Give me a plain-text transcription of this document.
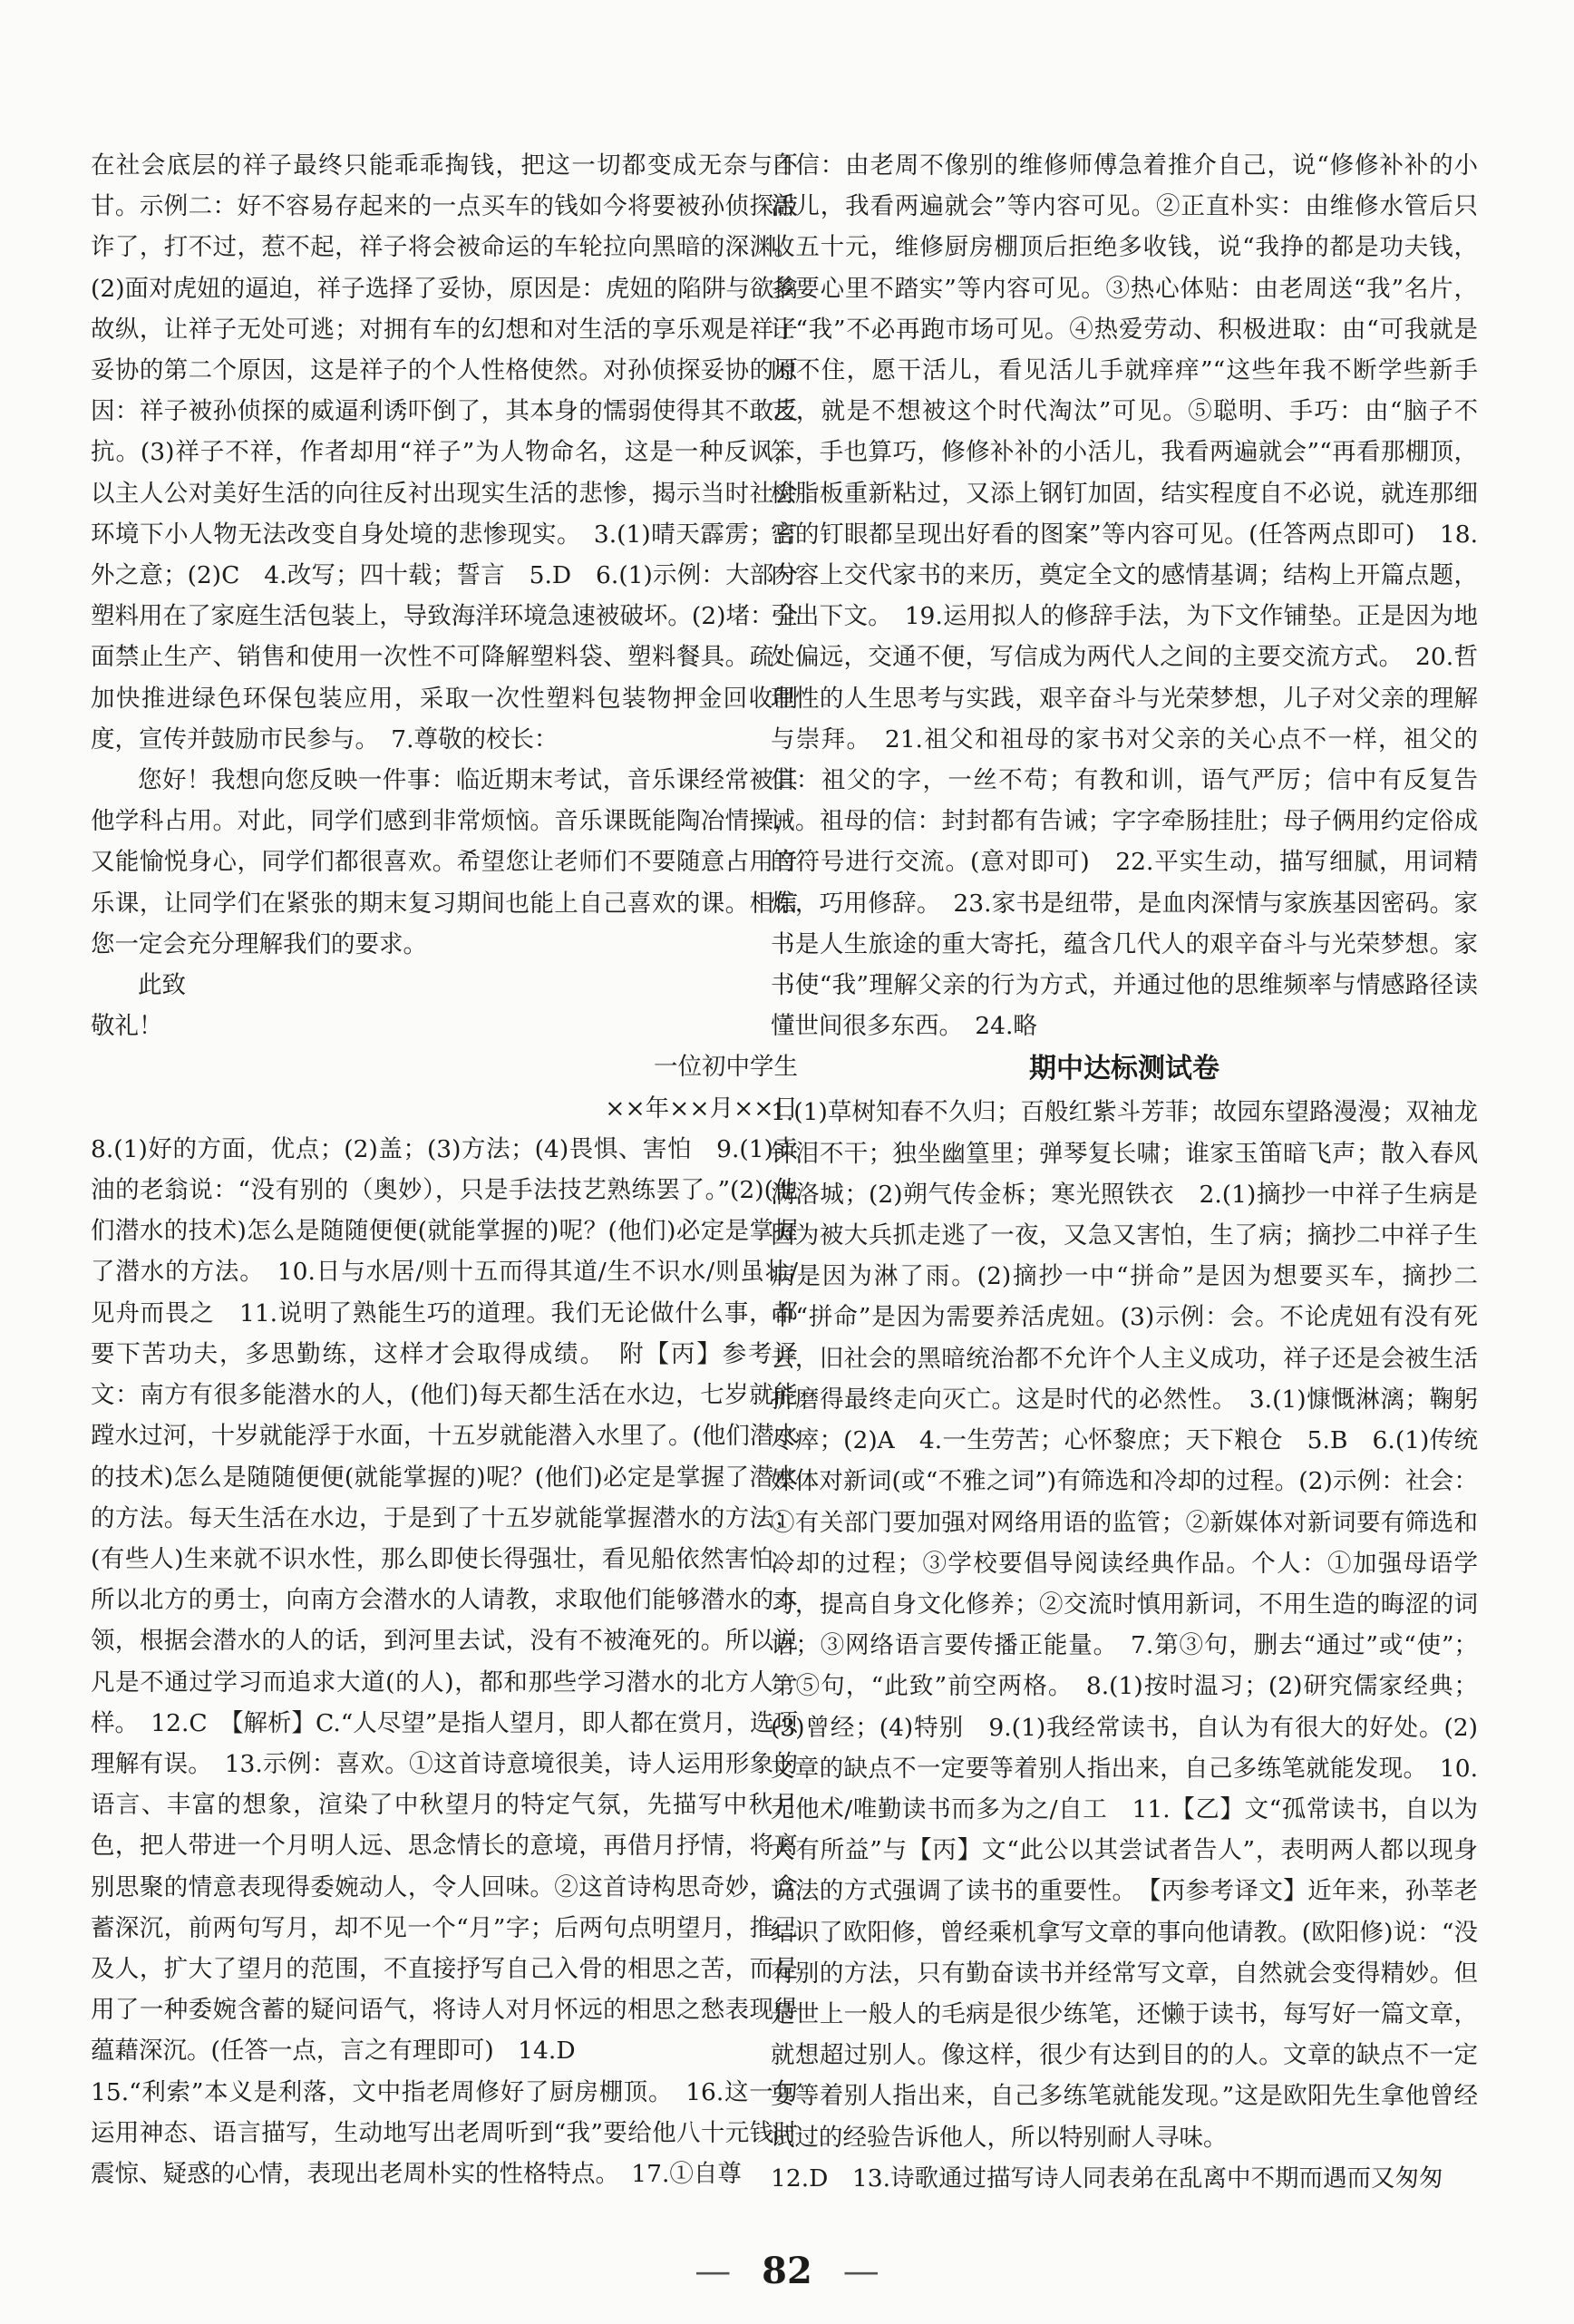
在社会底层的祥子最终只能乖乖掏钱，把这一切都变成无奈与不甘。示例二：好不容易存起来的一点买车的钱如今将要被孙侦探敲诈了，打不过，惹不起，祥子将会被命运的车轮拉向黑暗的深渊。(2)面对虎妞的逼迫，祥子选择了妥协，原因是：虎妞的陷阱与欲擒故纵，让祥子无处可逃；对拥有车的幻想和对生活的享乐观是祥子妥协的第二个原因，这是祥子的个人性格使然。对孙侦探妥协的原因：祥子被孙侦探的威逼利诱吓倒了，其本身的懦弱使得其不敢反抗。(3)祥子不祥，作者却用“祥子”为人物命名，这是一种反讽，以主人公对美好生活的向往反衬出现实生活的悲惨，揭示当时社会环境下小人物无法改变自身处境的悲惨现实。　3.(1)晴天霹雳；言外之意；(2)C　4.改写；四十载；誓言　5.D　6.(1)示例：大部分塑料用在了家庭生活包装上，导致海洋环境急速被破坏。(2)堵：全面禁止生产、销售和使用一次性不可降解塑料袋、塑料餐具。疏：加快推进绿色环保包装应用，采取一次性塑料包装物押金回收制度，宣传并鼓励市民参与。　7.尊敬的校长：

您好！我想向您反映一件事：临近期末考试，音乐课经常被其他学科占用。对此，同学们感到非常烦恼。音乐课既能陶冶情操，又能愉悦身心，同学们都很喜欢。希望您让老师们不要随意占用音乐课，让同学们在紧张的期末复习期间也能上自己喜欢的课。相信您一定会充分理解我们的要求。

此致

敬礼！

一位初中学生

××年××月××日

8.(1)好的方面，优点；(2)盖；(3)方法；(4)畏惧、害怕　9.(1)卖油的老翁说：“没有别的（奥妙），只是手法技艺熟练罢了。”(2)(他们潜水的技术)怎么是随随便便(就能掌握的)呢？(他们)必定是掌握了潜水的方法。　10.日与水居/则十五而得其道/生不识水/则虽壮/见舟而畏之　11.说明了熟能生巧的道理。我们无论做什么事，都要下苦功夫，多思勤练，这样才会取得成绩。　附【丙】参考译文：南方有很多能潜水的人，(他们)每天都生活在水边，七岁就能蹚水过河，十岁就能浮于水面，十五岁就能潜入水里了。(他们潜水的技术)怎么是随随便便(就能掌握的)呢？(他们)必定是掌握了潜水的方法。每天生活在水边，于是到了十五岁就能掌握潜水的方法；(有些人)生来就不识水性，那么即使长得强壮，看见船依然害怕。所以北方的勇士，向南方会潜水的人请教，求取他们能够潜水的本领，根据会潜水的人的话，到河里去试，没有不被淹死的。所以说凡是不通过学习而追求大道(的人)，都和那些学习潜水的北方人一样。　12.C　【解析】C.“人尽望”是指人望月，即人都在赏月，选项理解有误。　13.示例：喜欢。①这首诗意境很美，诗人运用形象的语言、丰富的想象，渲染了中秋望月的特定气氛，先描写中秋月色，把人带进一个月明人远、思念情长的意境，再借月抒情，将离别思聚的情意表现得委婉动人，令人回味。②这首诗构思奇妙，含蓄深沉，前两句写月，却不见一个“月”字；后两句点明望月，推己及人，扩大了望月的范围，不直接抒写自己入骨的相思之苦，而是用了一种委婉含蓄的疑问语气，将诗人对月怀远的相思之愁表现得蕴藉深沉。(任答一点，言之有理即可)　14.D

15.“利索”本义是利落，文中指老周修好了厨房棚顶。　16.这一句运用神态、语言描写，生动地写出老周听到“我”要给他八十元钱时震惊、疑惑的心情，表现出老周朴实的性格特点。　17.①自尊

自信：由老周不像别的维修师傅急着推介自己，说“修修补补的小活儿，我看两遍就会”等内容可见。②正直朴实：由维修水管后只收五十元，维修厨房棚顶后拒绝多收钱，说“我挣的都是功夫钱，多要心里不踏实”等内容可见。③热心体贴：由老周送“我”名片，让“我”不必再跑市场可见。④热爱劳动、积极进取：由“可我就是闲不住，愿干活儿，看见活儿手就痒痒”“这些年我不断学些新手艺，就是不想被这个时代淘汰”可见。⑤聪明、手巧：由“脑子不笨，手也算巧，修修补补的小活儿，我看两遍就会”“再看那棚顶，树脂板重新粘过，又添上钢钉加固，结实程度自不必说，就连那细密的钉眼都呈现出好看的图案”等内容可见。(任答两点即可)　18.内容上交代家书的来历，奠定全文的感情基调；结构上开篇点题，引出下文。　19.运用拟人的修辞手法，为下文作铺垫。正是因为地处偏远，交通不便，写信成为两代人之间的主要交流方式。　20.哲理性的人生思考与实践，艰辛奋斗与光荣梦想，儿子对父亲的理解与崇拜。　21.祖父和祖母的家书对父亲的关心点不一样，祖父的信：祖父的字，一丝不苟；有教和训，语气严厉；信中有反复告诫。祖母的信：封封都有告诫；字字牵肠挂肚；母子俩用约定俗成的符号进行交流。(意对即可)　22.平实生动，描写细腻，用词精炼，巧用修辞。　23.家书是纽带，是血肉深情与家族基因密码。家书是人生旅途的重大寄托，蕴含几代人的艰辛奋斗与光荣梦想。家书使“我”理解父亲的行为方式，并通过他的思维频率与情感路径读懂世间很多东西。　24.略

期中达标测试卷

1.(1)草树知春不久归；百般红紫斗芳菲；故园东望路漫漫；双袖龙钟泪不干；独坐幽篁里；弹琴复长啸；谁家玉笛暗飞声；散入春风满洛城；(2)朔气传金柝；寒光照铁衣　2.(1)摘抄一中祥子生病是因为被大兵抓走逃了一夜，又急又害怕，生了病；摘抄二中祥子生病是因为淋了雨。(2)摘抄一中“拼命”是因为想要买车，摘抄二中“拼命”是因为需要养活虎妞。(3)示例：会。不论虎妞有没有死去，旧社会的黑暗统治都不允许个人主义成功，祥子还是会被生活折磨得最终走向灭亡。这是时代的必然性。　3.(1)慷慨淋漓；鞠躬尽瘁；(2)A　4.一生劳苦；心怀黎庶；天下粮仓　5.B　6.(1)传统媒体对新词(或“不雅之词”)有筛选和冷却的过程。(2)示例：社会：①有关部门要加强对网络用语的监管；②新媒体对新词要有筛选和冷却的过程；③学校要倡导阅读经典作品。个人：①加强母语学习，提高自身文化修养；②交流时慎用新词，不用生造的晦涩的词语；③网络语言要传播正能量。　7.第③句，删去“通过”或“使”；第⑤句，“此致”前空两格。　8.(1)按时温习；(2)研究儒家经典；(3)曾经；(4)特别　9.(1)我经常读书，自认为有很大的好处。(2)文章的缺点不一定要等着别人指出来，自己多练笔就能发现。　10.无他术/唯勤读书而多为之/自工　11.【乙】文“孤常读书，自以为大有所益”与【丙】文“此公以其尝试者告人”，表明两人都以现身说法的方式强调了读书的重要性。　【丙参考译文】近年来，孙莘老结识了欧阳修，曾经乘机拿写文章的事向他请教。(欧阳修)说：“没有别的方法，只有勤奋读书并经常写文章，自然就会变得精妙。但是世上一般人的毛病是很少练笔，还懒于读书，每写好一篇文章，就想超过别人。像这样，很少有达到目的的人。文章的缺点不一定要等着别人指出来，自己多练笔就能发现。”这是欧阳先生拿他曾经试过的经验告诉他人，所以特别耐人寻味。

12.D　13.诗歌通过描写诗人同表弟在乱离中不期而遇而又匆匆

— 82 —
